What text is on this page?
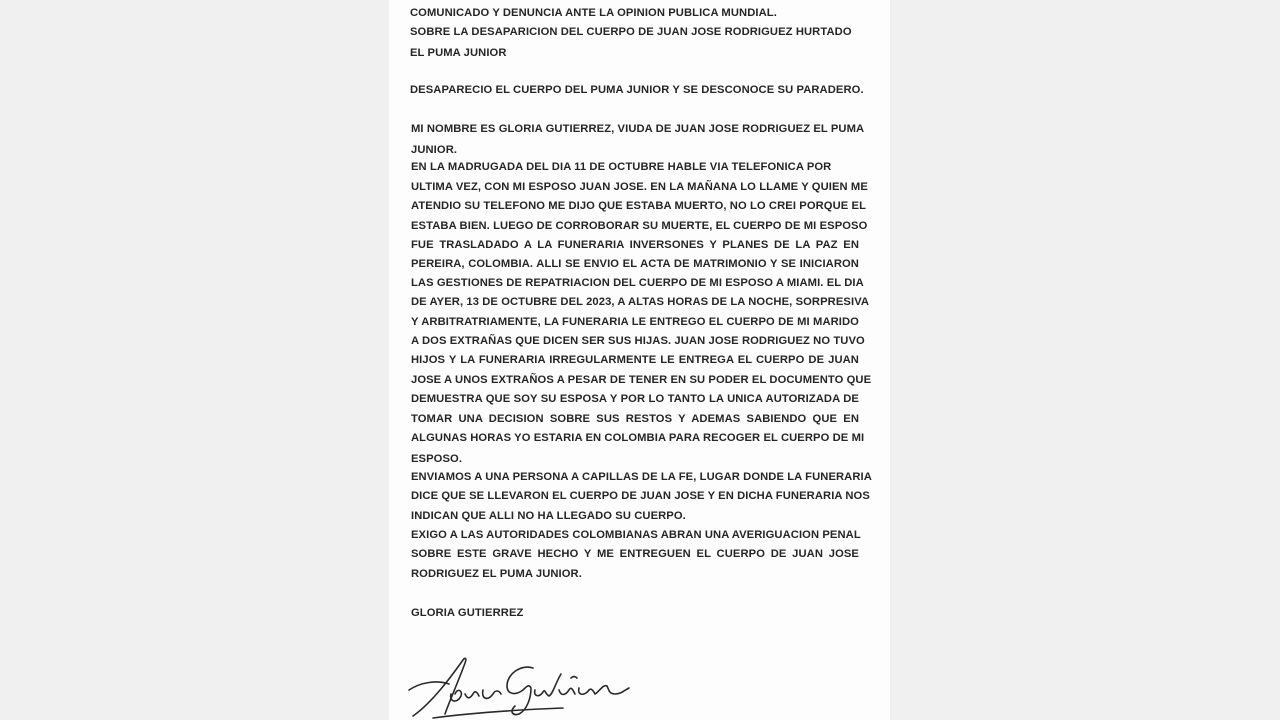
COMUNICADO Y DENUNCIA ANTE LA OPINION PUBLICA MUNDIAL.
SOBRE LA DESAPARICION DEL CUERPO DE JUAN JOSE RODRIGUEZ HURTADO
EL PUMA JUNIOR
DESAPARECIO EL CUERPO DEL PUMA JUNIOR Y SE DESCONOCE SU PARADERO.
MI NOMBRE ES GLORIA GUTIERREZ, VIUDA DE JUAN JOSE RODRIGUEZ EL PUMA
JUNIOR.
EN LA MADRUGADA DEL DIA 11 DE OCTUBRE HABLE VIA TELEFONICA POR
ULTIMA VEZ, CON MI ESPOSO JUAN JOSE. EN LA MAÑANA LO LLAME Y QUIEN ME
ATENDIO SU TELEFONO ME DIJO QUE ESTABA MUERTO, NO LO CREI PORQUE EL
ESTABA BIEN. LUEGO DE CORROBORAR SU MUERTE, EL CUERPO DE MI ESPOSO
FUE TRASLADADO A LA FUNERARIA INVERSONES Y PLANES DE LA PAZ EN
PEREIRA, COLOMBIA. ALLI SE ENVIO EL ACTA DE MATRIMONIO Y SE INICIARON
LAS GESTIONES DE REPATRIACION DEL CUERPO DE MI ESPOSO A MIAMI. EL DIA
DE AYER, 13 DE OCTUBRE DEL 2023, A ALTAS HORAS DE LA NOCHE, SORPRESIVA
Y ARBITRATRIAMENTE, LA FUNERARIA LE ENTREGO EL CUERPO DE MI MARIDO
A DOS EXTRAÑAS QUE DICEN SER SUS HIJAS. JUAN JOSE RODRIGUEZ NO TUVO
HIJOS Y LA FUNERARIA IRREGULARMENTE LE ENTREGA EL CUERPO DE JUAN
JOSE A UNOS EXTRAÑOS A PESAR DE TENER EN SU PODER EL DOCUMENTO QUE
DEMUESTRA QUE SOY SU ESPOSA Y POR LO TANTO LA UNICA AUTORIZADA DE
TOMAR UNA DECISION SOBRE SUS RESTOS Y ADEMAS SABIENDO QUE EN
ALGUNAS HORAS YO ESTARIA EN COLOMBIA PARA RECOGER EL CUERPO DE MI
ESPOSO.
ENVIAMOS A UNA PERSONA A CAPILLAS DE LA FE, LUGAR DONDE LA FUNERARIA
DICE QUE SE LLEVARON EL CUERPO DE JUAN JOSE Y EN DICHA FUNERARIA NOS
INDICAN QUE ALLI NO HA LLEGADO SU CUERPO.
EXIGO A LAS AUTORIDADES COLOMBIANAS ABRAN UNA AVERIGUACION PENAL
SOBRE ESTE GRAVE HECHO Y ME ENTREGUEN EL CUERPO DE JUAN JOSE
RODRIGUEZ EL PUMA JUNIOR.
GLORIA GUTIERREZ
